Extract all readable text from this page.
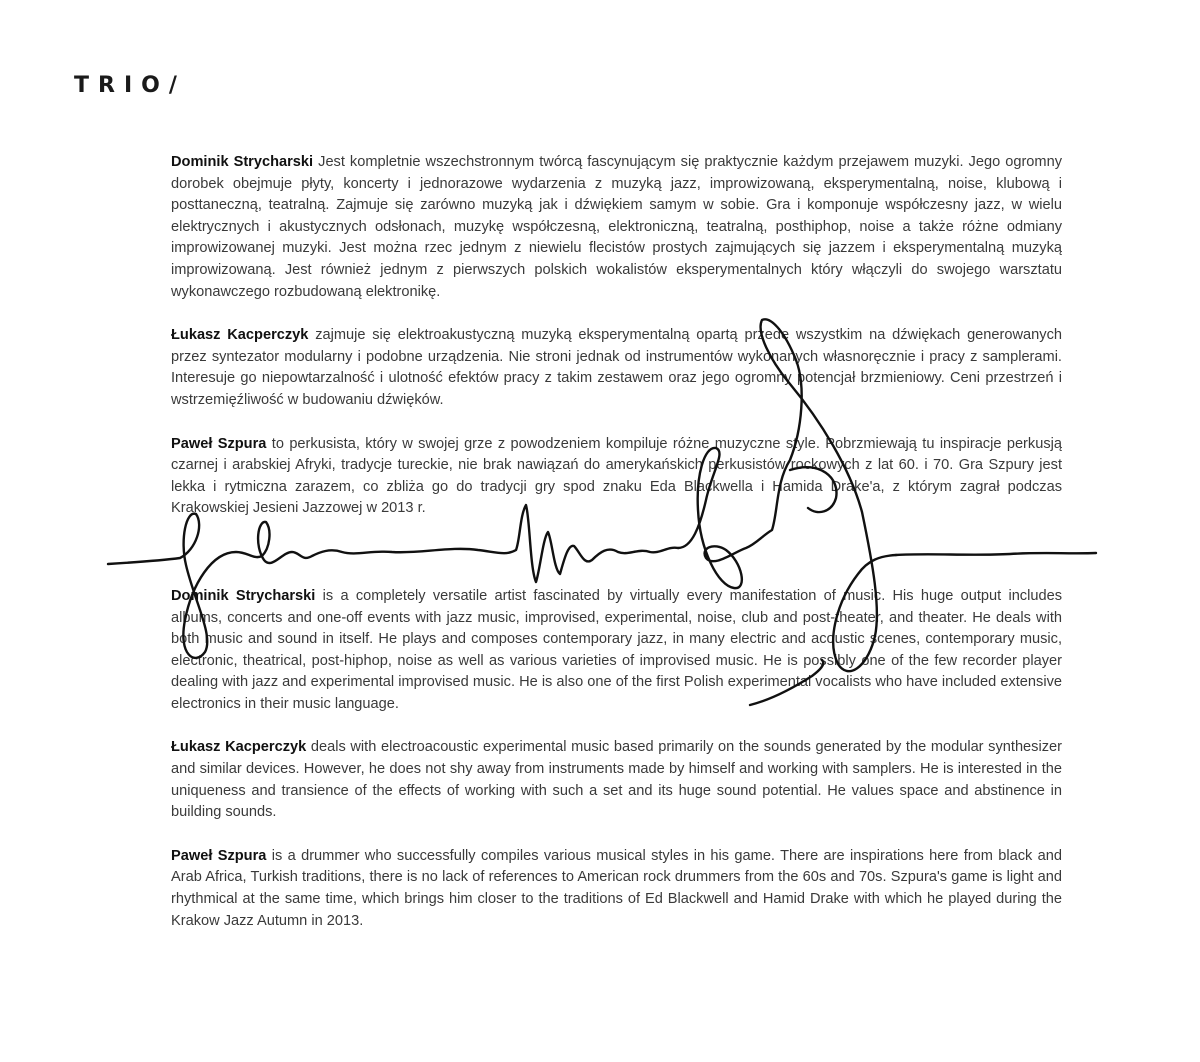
TRIO/

Dominik Strycharski Jest kompletnie wszechstronnym twórcą fascynującym się praktycznie każdym przejawem muzyki. Jego ogromny dorobek obejmuje płyty, koncerty i jednorazowe wydarzenia z muzyką jazz, improwizowaną, eksperymentalną, noise, klubową i posttaneczną, teatralną. Zajmuje się zarówno muzyką jak i dźwiękiem samym w sobie. Gra i komponuje współczesny jazz, w wielu elektrycznych i akustycznych odsłonach, muzykę współczesną, elektroniczną, teatralną, posthiphop, noise a także różne odmiany improwizowanej muzyki. Jest można rzec jednym z niewielu flecistów prostych zajmujących się jazzem i eksperymentalną muzyką improwizowaną. Jest również jednym z pierwszych polskich wokalistów eksperymentalnych który włączyli do swojego warsztatu wykonawczego rozbudowaną elektronikę.

Łukasz Kacperczyk zajmuje się elektroakustyczną muzyką eksperymentalną opartą przede wszystkim na dźwiękach generowanych przez syntezator modularny i podobne urządzenia. Nie stroni jednak od instrumentów wykonanych własnoręcznie i pracy z samplerami. Interesuje go niepowtarzalność i ulotność efektów pracy z takim zestawem oraz jego ogromny potencjał brzmieniowy. Ceni przestrzeń i wstrzemięźliwość w budowaniu dźwięków.

Paweł Szpura to perkusista, który w swojej grze z powodzeniem kompiluje różne muzyczne style. Pobrzmiewają tu inspiracje perkusją czarnej i arabskiej Afryki, tradycje tureckie, nie brak nawiązań do amerykańskich perkusistów rockowych z lat 60. i 70. Gra Szpury jest lekka i rytmiczna zarazem, co zbliża go do tradycji gry spod znaku Eda Blackwella i Hamida Drake'a, z którym zagrał podczas Krakowskiej Jesieni Jazzowej w 2013 r.

Dominik Strycharski is a completely versatile artist fascinated by virtually every manifestation of music. His huge output includes albums, concerts and one-off events with jazz music, improvised, experimental, noise, club and post-theater, and theater. He deals with both music and sound in itself. He plays and composes contemporary jazz, in many electric and acoustic scenes, contemporary music, electronic, theatrical, post-hiphop, noise as well as various varieties of improvised music. He is possibly one of the few recorder player dealing with jazz and experimental improvised music. He is also one of the first Polish experimental vocalists who have included extensive electronics in their music language.

Łukasz Kacperczyk deals with electroacoustic experimental music based primarily on the sounds generated by the modular synthesizer and similar devices. However, he does not shy away from instruments made by himself and working with samplers. He is interested in the uniqueness and transience of the effects of working with such a set and its huge sound potential. He values space and abstinence in building sounds.

Paweł Szpura is a drummer who successfully compiles various musical styles in his game. There are inspirations here from black and Arab Africa, Turkish traditions, there is no lack of references to American rock drummers from the 60s and 70s. Szpura's game is light and rhythmical at the same time, which brings him closer to the traditions of Ed Blackwell and Hamid Drake with which he played during the Krakow Jazz Autumn in 2013.
